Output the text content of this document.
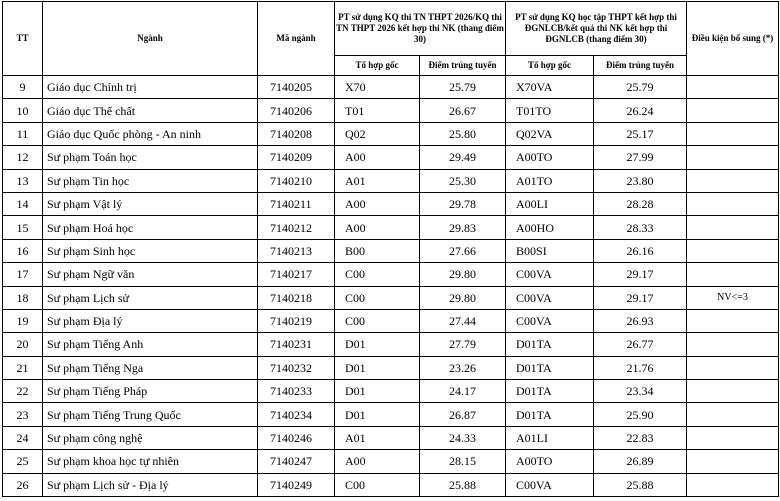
TT	Ngành	Mã ngành	PT sử dụng KQ thi TN THPT 2026/KQ thi TN THPT 2026 kết hợp thi NK (thang điểm 30)		PT sử dụng KQ học tập THPT kết hợp thi ĐGNLCB/kết quả thi NK kết hợp thi ĐGNLCB (thang điểm 30)		Điều kiện bổ sung (*)
			Tổ hợp gốc	Điểm trúng tuyển	Tổ hợp gốc	Điểm trúng tuyển	
9	Giáo dục Chính trị	7140205	X70	25.79	X70VA	25.79	
10	Giáo dục Thể chất	7140206	T01	26.67	T01TO	26.24	
11	Giáo dục Quốc phòng - An ninh	7140208	Q02	25.80	Q02VA	25.17	
12	Sư phạm Toán học	7140209	A00	29.49	A00TO	27.99	
13	Sư phạm Tin học	7140210	A01	25.30	A01TO	23.80	
14	Sư phạm Vật lý	7140211	A00	29.78	A00LI	28.28	
15	Sư phạm Hoá học	7140212	A00	29.83	A00HO	28.33	
16	Sư phạm Sinh học	7140213	B00	27.66	B00SI	26.16	
17	Sư phạm Ngữ văn	7140217	C00	29.80	C00VA	29.17	
18	Sư phạm Lịch sử	7140218	C00	29.80	C00VA	29.17	NV<=3
19	Sư phạm Địa lý	7140219	C00	27.44	C00VA	26.93	
20	Sư phạm Tiếng Anh	7140231	D01	27.79	D01TA	26.77	
21	Sư phạm Tiếng Nga	7140232	D01	23.26	D01TA	21.76	
22	Sư phạm Tiếng Pháp	7140233	D01	24.17	D01TA	23.34	
23	Sư phạm Tiếng Trung Quốc	7140234	D01	26.87	D01TA	25.90	
24	Sư phạm công nghệ	7140246	A01	24.33	A01LI	22.83	
25	Sư phạm khoa học tự nhiên	7140247	A00	28.15	A00TO	26.89	
26	Sư phạm Lịch sử - Địa lý	7140249	C00	25.88	C00VA	25.88	
